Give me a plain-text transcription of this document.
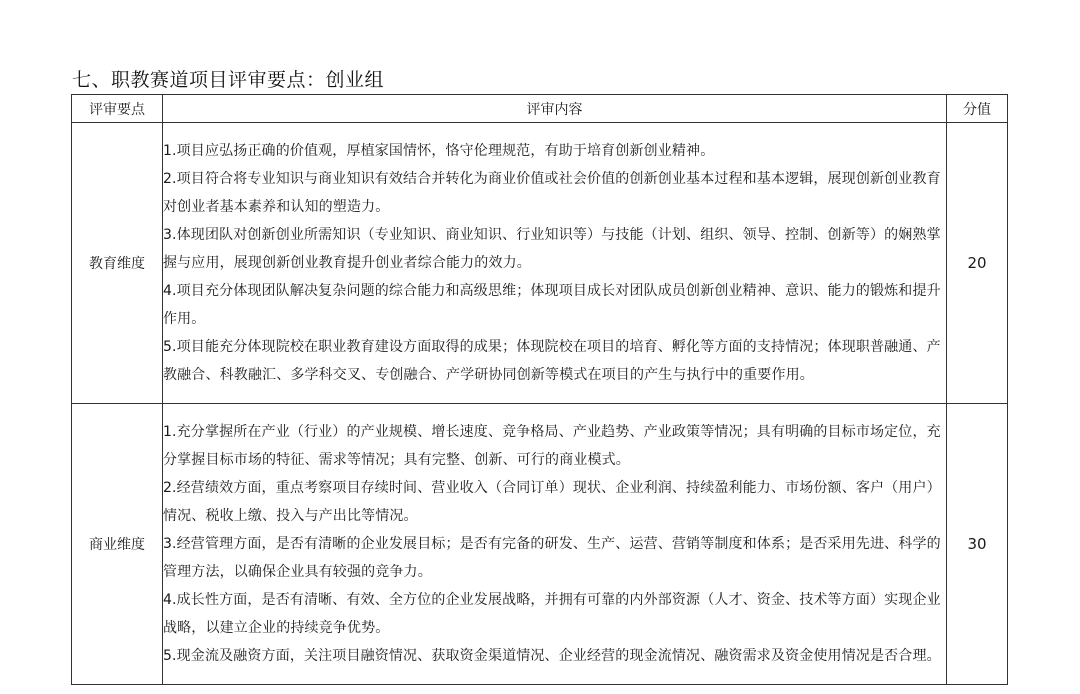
七、职教赛道项目评审要点：创业组
评审要点	评审内容	分值
教育维度	1.项目应弘扬正确的价值观，厚植家国情怀，恪守伦理规范，有助于培育创新创业精神。
2.项目符合将专业知识与商业知识有效结合并转化为商业价值或社会价值的创新创业基本过程和基本逻辑，展现创新创业教育对创业者基本素养和认知的塑造力。
3.体现团队对创新创业所需知识（专业知识、商业知识、行业知识等）与技能（计划、组织、领导、控制、创新等）的娴熟掌握与应用，展现创新创业教育提升创业者综合能力的效力。
4.项目充分体现团队解决复杂问题的综合能力和高级思维；体现项目成长对团队成员创新创业精神、意识、能力的锻炼和提升作用。
5.项目能充分体现院校在职业教育建设方面取得的成果；体现院校在项目的培育、孵化等方面的支持情况；体现职普融通、产教融合、科教融汇、多学科交叉、专创融合、产学研协同创新等模式在项目的产生与执行中的重要作用。	20
商业维度	1.充分掌握所在产业（行业）的产业规模、增长速度、竞争格局、产业趋势、产业政策等情况；具有明确的目标市场定位，充分掌握目标市场的特征、需求等情况；具有完整、创新、可行的商业模式。
2.经营绩效方面，重点考察项目存续时间、营业收入（合同订单）现状、企业利润、持续盈利能力、市场份额、客户（用户）情况、税收上缴、投入与产出比等情况。
3.经营管理方面，是否有清晰的企业发展目标；是否有完备的研发、生产、运营、营销等制度和体系；是否采用先进、科学的管理方法，以确保企业具有较强的竞争力。
4.成长性方面，是否有清晰、有效、全方位的企业发展战略，并拥有可靠的内外部资源（人才、资金、技术等方面）实现企业战略，以建立企业的持续竞争优势。
5.现金流及融资方面，关注项目融资情况、获取资金渠道情况、企业经营的现金流情况、融资需求及资金使用情况是否合理。	30
